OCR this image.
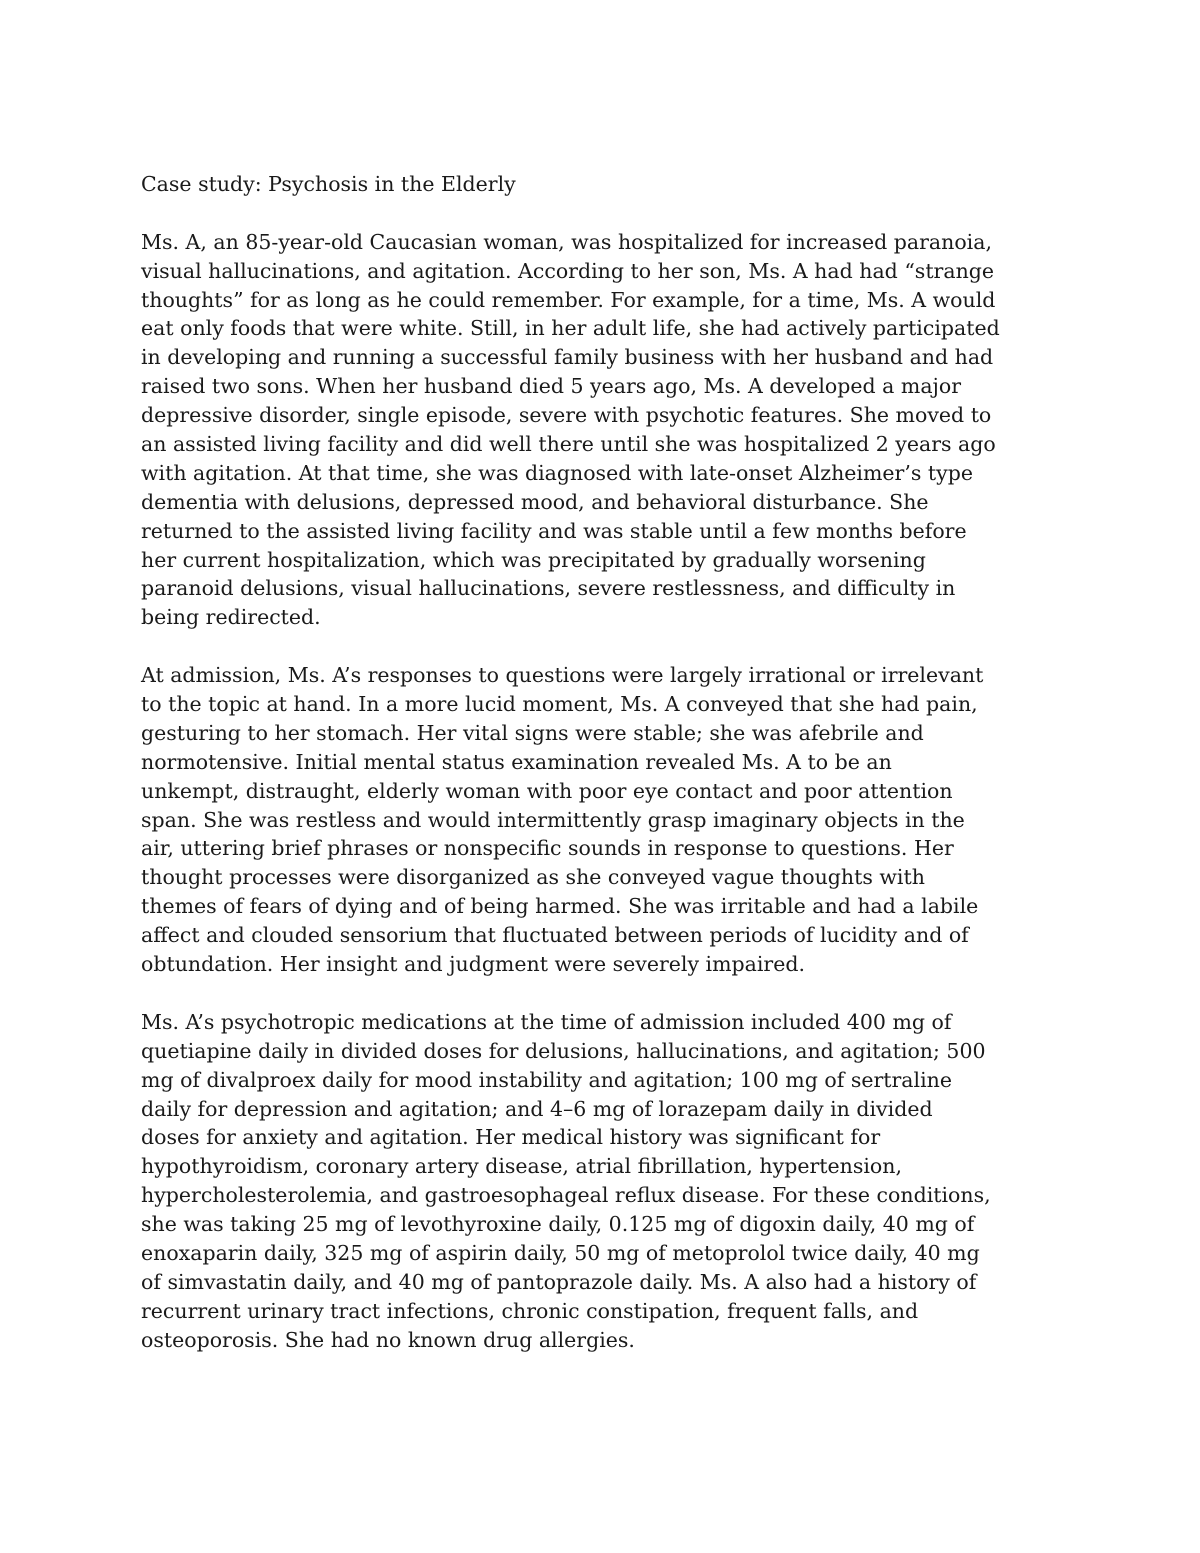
Case study: Psychosis in the Elderly
Ms. A, an 85-year-old Caucasian woman, was hospitalized for increased paranoia,
visual hallucinations, and agitation. According to her son, Ms. A had had “strange
thoughts” for as long as he could remember. For example, for a time, Ms. A would
eat only foods that were white. Still, in her adult life, she had actively participated
in developing and running a successful family business with her husband and had
raised two sons. When her husband died 5 years ago, Ms. A developed a major
depressive disorder, single episode, severe with psychotic features. She moved to
an assisted living facility and did well there until she was hospitalized 2 years ago
with agitation. At that time, she was diagnosed with late-onset Alzheimer’s type
dementia with delusions, depressed mood, and behavioral disturbance. She
returned to the assisted living facility and was stable until a few months before
her current hospitalization, which was precipitated by gradually worsening
paranoid delusions, visual hallucinations, severe restlessness, and difficulty in
being redirected.
At admission, Ms. A’s responses to questions were largely irrational or irrelevant
to the topic at hand. In a more lucid moment, Ms. A conveyed that she had pain,
gesturing to her stomach. Her vital signs were stable; she was afebrile and
normotensive. Initial mental status examination revealed Ms. A to be an
unkempt, distraught, elderly woman with poor eye contact and poor attention
span. She was restless and would intermittently grasp imaginary objects in the
air, uttering brief phrases or nonspecific sounds in response to questions. Her
thought processes were disorganized as she conveyed vague thoughts with
themes of fears of dying and of being harmed. She was irritable and had a labile
affect and clouded sensorium that fluctuated between periods of lucidity and of
obtundation. Her insight and judgment were severely impaired.
Ms. A’s psychotropic medications at the time of admission included 400 mg of
quetiapine daily in divided doses for delusions, hallucinations, and agitation; 500
mg of divalproex daily for mood instability and agitation; 100 mg of sertraline
daily for depression and agitation; and 4–6 mg of lorazepam daily in divided
doses for anxiety and agitation. Her medical history was significant for
hypothyroidism, coronary artery disease, atrial fibrillation, hypertension,
hypercholesterolemia, and gastroesophageal reflux disease. For these conditions,
she was taking 25 mg of levothyroxine daily, 0.125 mg of digoxin daily, 40 mg of
enoxaparin daily, 325 mg of aspirin daily, 50 mg of metoprolol twice daily, 40 mg
of simvastatin daily, and 40 mg of pantoprazole daily. Ms. A also had a history of
recurrent urinary tract infections, chronic constipation, frequent falls, and
osteoporosis. She had no known drug allergies.
